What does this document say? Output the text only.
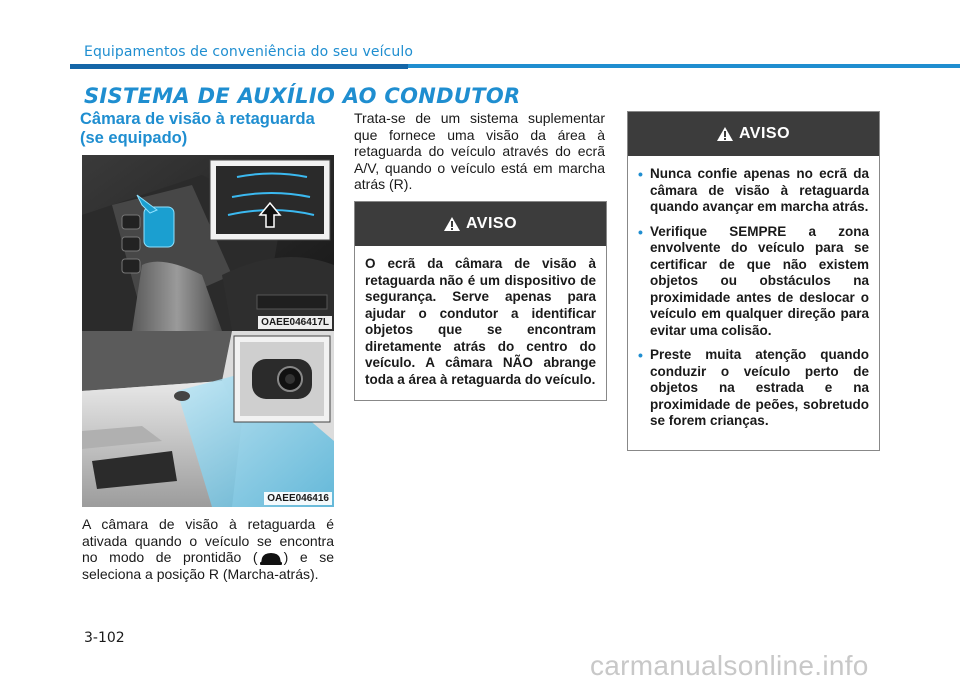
Equipamentos de conveniência do seu veículo
SISTEMA DE AUXÍLIO AO CONDUTOR
Câmara de visão à retaguarda
(se equipado)
OAEE046417L
OAEE046416
A câmara de visão à retaguarda é ativada quando o veículo se encontra no modo de prontidão ( ) e se seleciona a posição R (Marcha-atrás).
Trata-se de um sistema suplementar que fornece uma visão da área à retaguarda do veículo através do ecrã A/V, quando o veículo está em marcha atrás (R).
AVISO
O ecrã da câmara de visão à retaguarda não é um dispositivo de segurança. Serve apenas para ajudar o condutor a identificar objetos que se encontram diretamente atrás do centro do veículo. A câmara NÃO abrange toda a área à retaguarda do veículo.
AVISO
• Nunca confie apenas no ecrã da câmara de visão à retaguarda quando avançar em marcha atrás.
• Verifique SEMPRE a zona envolvente do veículo para se certificar de que não existem objetos ou obstáculos na proximidade antes de deslocar o veículo em qualquer direção para evitar uma colisão.
• Preste muita atenção quando conduzir o veículo perto de objetos na estrada e na proximidade de peões, sobretudo se forem crianças.
3-102
carmanualsonline.info
